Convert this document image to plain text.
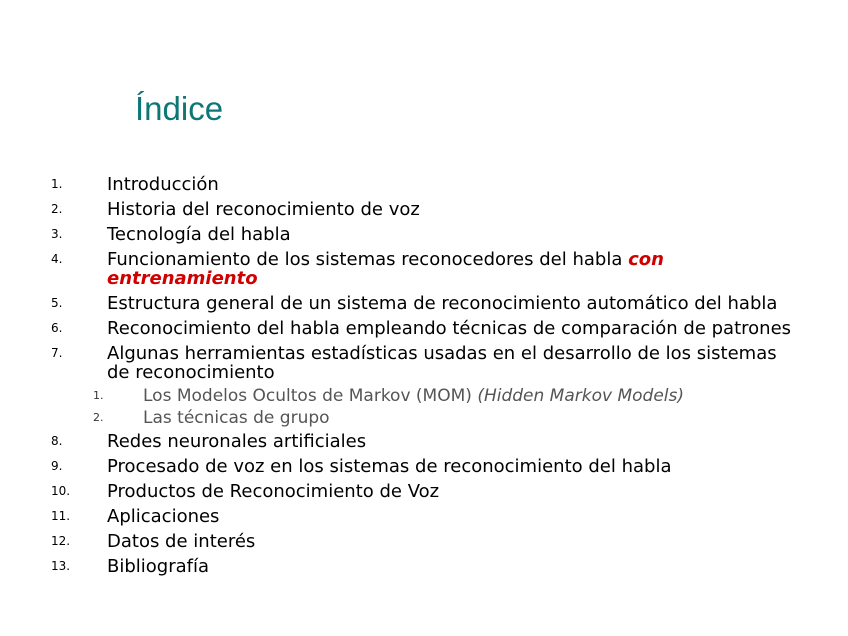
Índice
1. Introducción
2. Historia del reconocimiento de voz
3. Tecnología del habla
4. Funcionamiento de los sistemas reconocedores del habla con entrenamiento
5. Estructura general de un sistema de reconocimiento automático del habla
6. Reconocimiento del habla empleando técnicas de comparación de patrones
7. Algunas herramientas estadísticas usadas en el desarrollo de los sistemas de reconocimiento
1. Los Modelos Ocultos de Markov (MOM) (Hidden Markov Models)
2. Las técnicas de grupo
8. Redes neuronales artificiales
9. Procesado de voz en los sistemas de reconocimiento del habla
10. Productos de Reconocimiento de Voz
11. Aplicaciones
12. Datos de interés
13. Bibliografía
